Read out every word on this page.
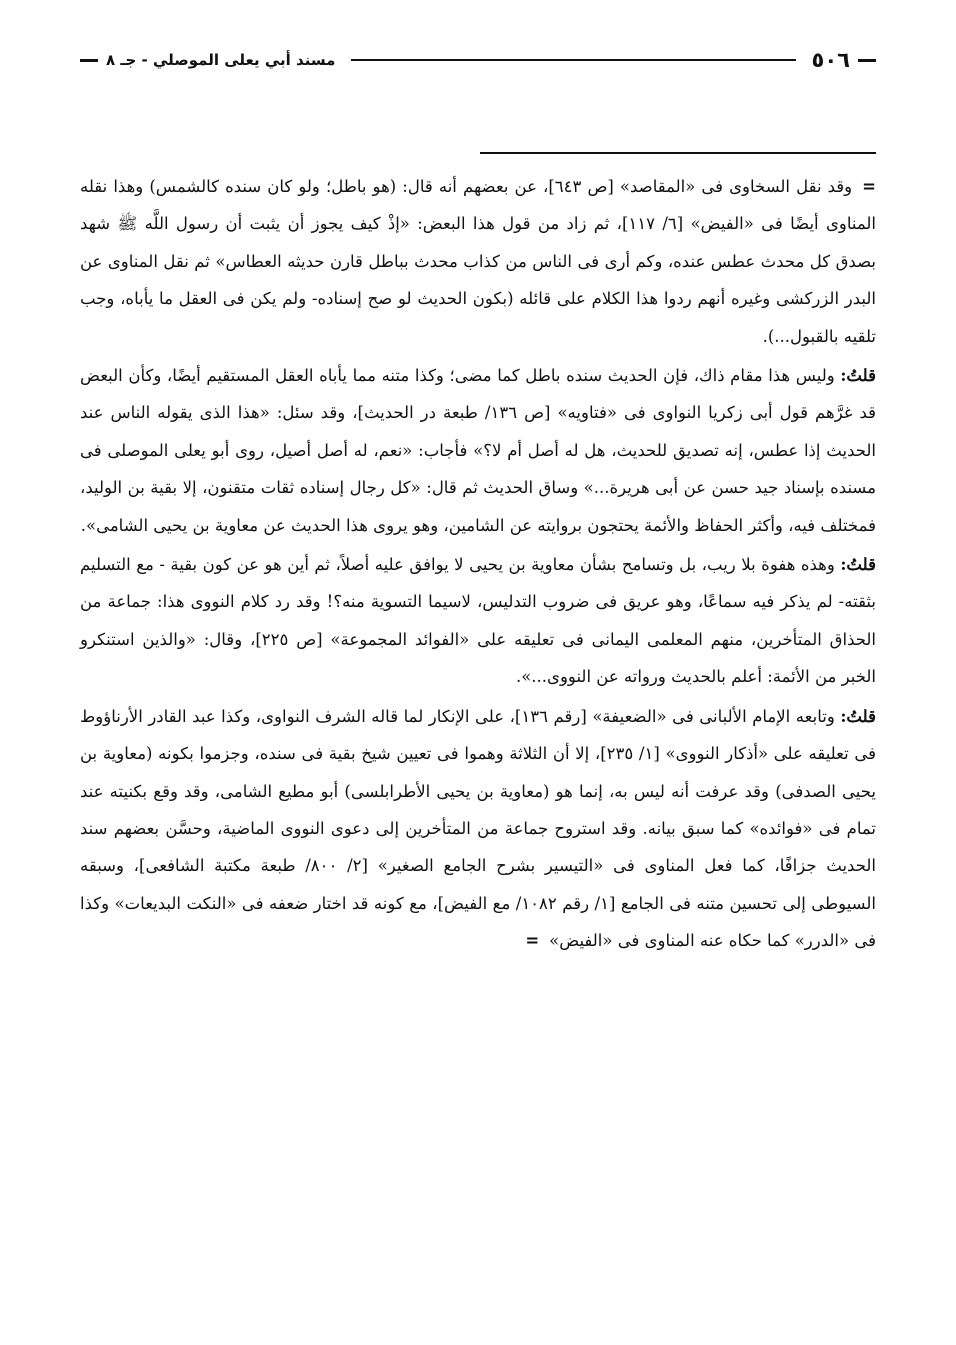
٥٠٦
مسند أبي يعلى الموصلي - جـ ٨

=وقد نقل السخاوى فى «المقاصد» [ص ٦٤٣]، عن بعضهم أنه قال: (هو باطل؛ ولو كان سنده كالشمس) وهذا نقله المناوى أيضًا فى «الفيض» [٦/ ١١٧]، ثم زاد من قول هذا البعض: «إذْ كيف يجوز أن يثبت أن رسول اللَّه ﷺ شهد بصدق كل محدث عطس عنده، وكم أرى فى الناس من كذاب محدث بباطل قارن حديثه العطاس» ثم نقل المناوى عن البدر الزركشى وغيره أنهم ردوا هذا الكلام على قائله (بكون الحديث لو صح إسناده- ولم يكن فى العقل ما يأباه، وجب تلقيه بالقبول...).

قلتُ: وليس هذا مقام ذاك، فإن الحديث سنده باطل كما مضى؛ وكذا متنه مما يأباه العقل المستقيم أيضًا، وكأن البعض قد غرَّهم قول أبى زكريا النواوى فى «فتاويه» [ص ١٣٦/ طبعة در الحديث]، وقد سئل: «هذا الذى يقوله الناس عند الحديث إذا عطس، إنه تصديق للحديث، هل له أصل أم لا؟» فأجاب: «نعم، له أصل أصيل، روى أبو يعلى الموصلى فى مسنده بإسناد جيد حسن عن أبى هريرة...» وساق الحديث ثم قال: «كل رجال إسناده ثقات متقنون، إلا بقية بن الوليد، فمختلف فيه، وأكثر الحفاظ والأئمة يحتجون بروايته عن الشامين، وهو يروى هذا الحديث عن معاوية بن يحيى الشامى».

قلتُ: وهذه هفوة بلا ريب، بل وتسامح بشأن معاوية بن يحيى لا يوافق عليه أصلاً، ثم أين هو عن كون بقية - مع التسليم بثقته- لم يذكر فيه سماعًا، وهو عريق فى ضروب التدليس، لاسيما التسوية منه؟! وقد رد كلام النووى هذا: جماعة من الحذاق المتأخرين، منهم المعلمى اليمانى فى تعليقه على «الفوائد المجموعة» [ص ٢٢٥]، وقال: «والذين استنكرو الخبر من الأئمة: أعلم بالحديث ورواته عن النووى...».

قلتُ: وتابعه الإمام الألبانى فى «الضعيفة» [رقم ١٣٦]، على الإنكار لما قاله الشرف النواوى، وكذا عبد القادر الأرناؤوط فى تعليقه على «أذكار النووى» [١/ ٢٣٥]، إلا أن الثلاثة وهموا فى تعيين شيخ بقية فى سنده، وجزموا بكونه (معاوية بن يحيى الصدفى) وقد عرفت أنه ليس به، إنما هو (معاوية بن يحيى الأطرابلسى) أبو مطيع الشامى، وقد وقع بكنيته عند تمام فى «فوائده» كما سبق بيانه. وقد استروح جماعة من المتأخرين إلى دعوى النووى الماضية، وحسَّن بعضهم سند الحديث جزافًا، كما فعل المناوى فى «التيسير بشرح الجامع الصغير» [٢/ ٨٠٠/ طبعة مكتبة الشافعى]، وسبقه السيوطى إلى تحسين متنه فى الجامع [١/ رقم ١٠٨٢/ مع الفيض]، مع كونه قد اختار ضعفه فى «النكت البديعات» وكذا فى «الدرر» كما حكاه عنه المناوى فى «الفيض»=
